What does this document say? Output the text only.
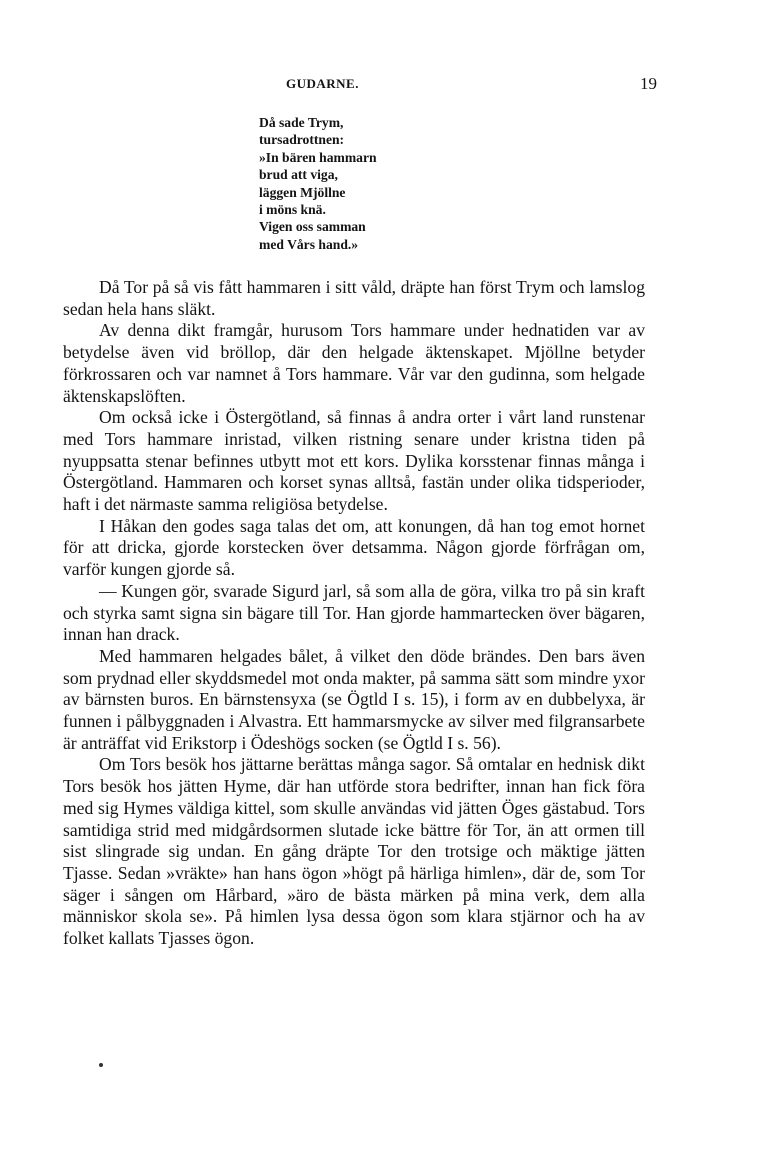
GUDARNE.	19
Då sade Trym,
tursadrottnen:
»In bären hammarn
brud att viga,
läggen Mjöllne
i möns knä.
Vigen oss samman
med Vårs hand.»

Då Tor på så vis fått hammaren i sitt våld, dräpte han först Trym och lamslog sedan hela hans släkt.

Av denna dikt framgår, hurusom Tors hammare under hednatiden var av betydelse även vid bröllop, där den helgade äktenskapet. Mjöllne betyder förkrossaren och var namnet å Tors hammare. Vår var den gudinna, som helgade äktenskapslöften.

Om också icke i Östergötland, så finnas å andra orter i vårt land runstenar med Tors hammare inristad, vilken ristning senare under kristna tiden på nyuppsatta stenar befinnes utbytt mot ett kors. Dylika korsstenar finnas många i Östergötland. Hammaren och korset synas alltså, fastän under olika tidsperioder, haft i det närmaste samma religiösa betydelse.

I Håkan den godes saga talas det om, att konungen, då han tog emot hornet för att dricka, gjorde korstecken över detsamma. Någon gjorde förfrågan om, varför kungen gjorde så.

— Kungen gör, svarade Sigurd jarl, så som alla de göra, vilka tro på sin kraft och styrka samt signa sin bägare till Tor. Han gjorde hammartecken över bägaren, innan han drack.

Med hammaren helgades bålet, å vilket den döde brändes. Den bars även som prydnad eller skyddsmedel mot onda makter, på samma sätt som mindre yxor av bärnsten buros. En bärnstensyxa (se Ögtld I s. 15), i form av en dubbelyxa, är funnen i pålbyggnaden i Alvastra. Ett hammarsmycke av silver med filgransarbete är anträffat vid Erikstorp i Ödeshögs socken (se Ögtld I s. 56).

Om Tors besök hos jättarne berättas många sagor. Så omtalar en hednisk dikt Tors besök hos jätten Hyme, där han utförde stora bedrifter, innan han fick föra med sig Hymes väldiga kittel, som skulle användas vid jätten Öges gästabud. Tors samtidiga strid med midgårdsormen slutade icke bättre för Tor, än att ormen till sist slingrade sig undan. En gång dräpte Tor den trotsige och mäktige jätten Tjasse. Sedan »vräkte» han hans ögon »högt på härliga himlen», där de, som Tor säger i sången om Hårbard, »äro de bästa märken på mina verk, dem alla människor skola se». På himlen lysa dessa ögon som klara stjärnor och ha av folket kallats Tjasses ögon.
